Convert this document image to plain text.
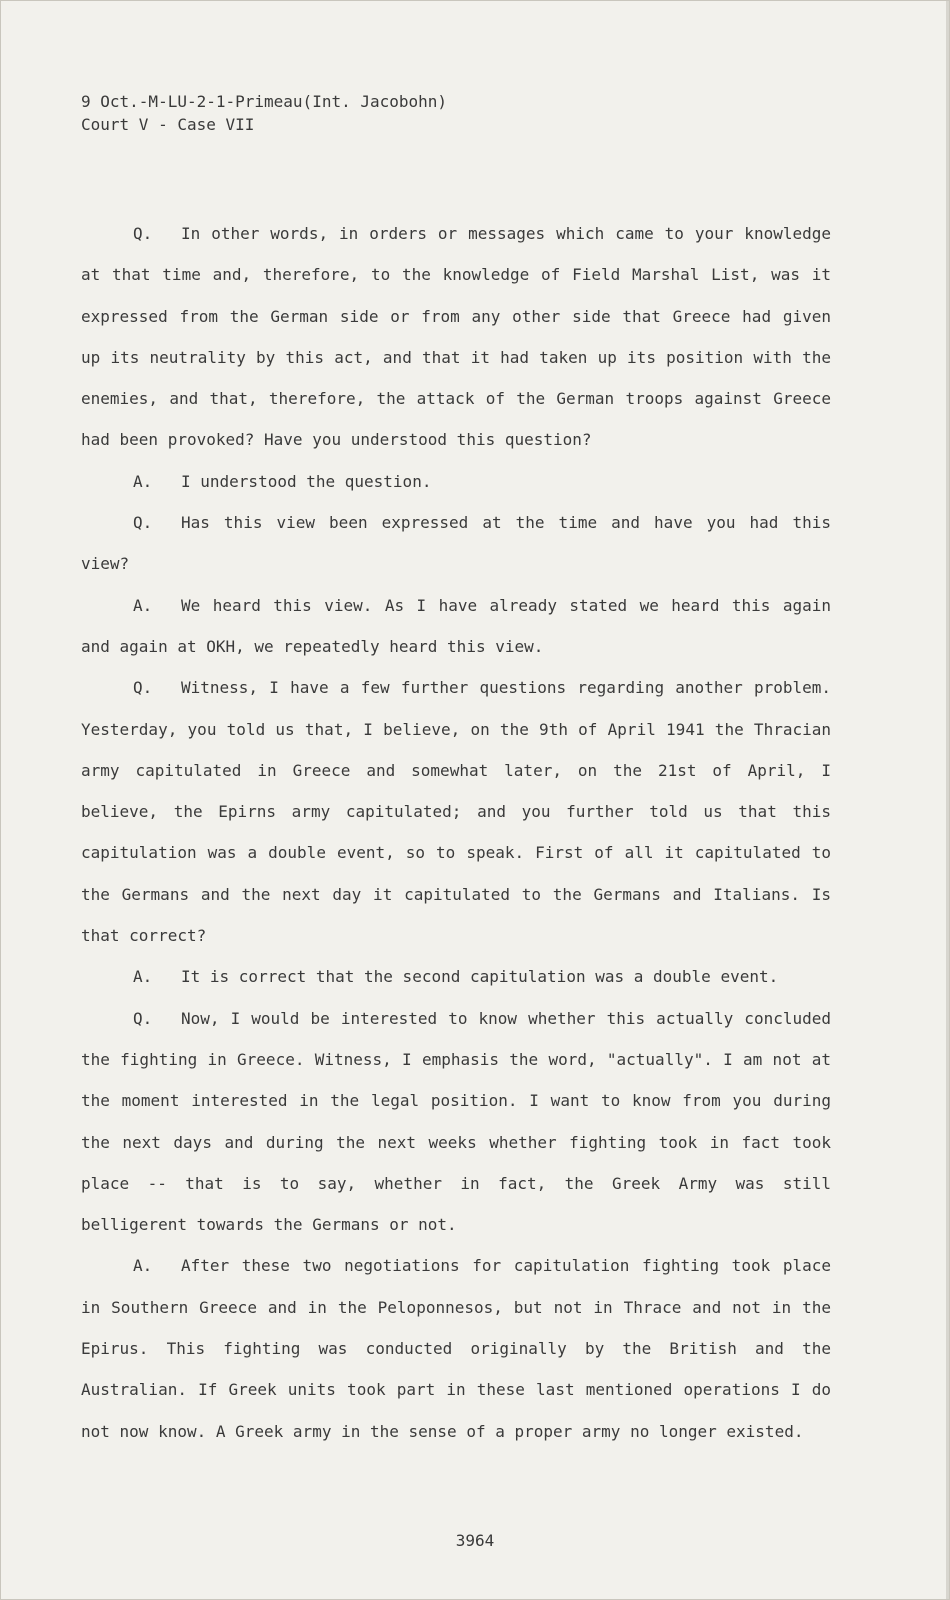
9 Oct.-M-LU-2-1-Primeau(Int. Jacobohn)
Court V - Case VII

Q. In other words, in orders or messages which came to your knowledge at that time and, therefore, to the knowledge of Field Marshal List, was it expressed from the German side or from any other side that Greece had given up its neutrality by this act, and that it had taken up its position with the enemies, and that, therefore, the attack of the German troops against Greece had been provoked? Have you understood this question?

A. I understood the question.

Q. Has this view been expressed at the time and have you had this view?

A. We heard this view. As I have already stated we heard this again and again at OKH, we repeatedly heard this view.

Q. Witness, I have a few further questions regarding another problem. Yesterday, you told us that, I believe, on the 9th of April 1941 the Thracian army capitulated in Greece and somewhat later, on the 21st of April, I believe, the Epirns army capitulated; and you further told us that this capitulation was a double event, so to speak. First of all it capitulated to the Germans and the next day it capitulated to the Germans and Italians. Is that correct?

A. It is correct that the second capitulation was a double event.

Q. Now, I would be interested to know whether this actually concluded the fighting in Greece. Witness, I emphasis the word, "actually". I am not at the moment interested in the legal position. I want to know from you during the next days and during the next weeks whether fighting took in fact took place -- that is to say, whether in fact, the Greek Army was still belligerent towards the Germans or not.

A. After these two negotiations for capitulation fighting took place in Southern Greece and in the Peloponnesos, but not in Thrace and not in the Epirus. This fighting was conducted originally by the British and the Australian. If Greek units took part in these last mentioned operations I do not now know. A Greek army in the sense of a proper army no longer existed.

3964
